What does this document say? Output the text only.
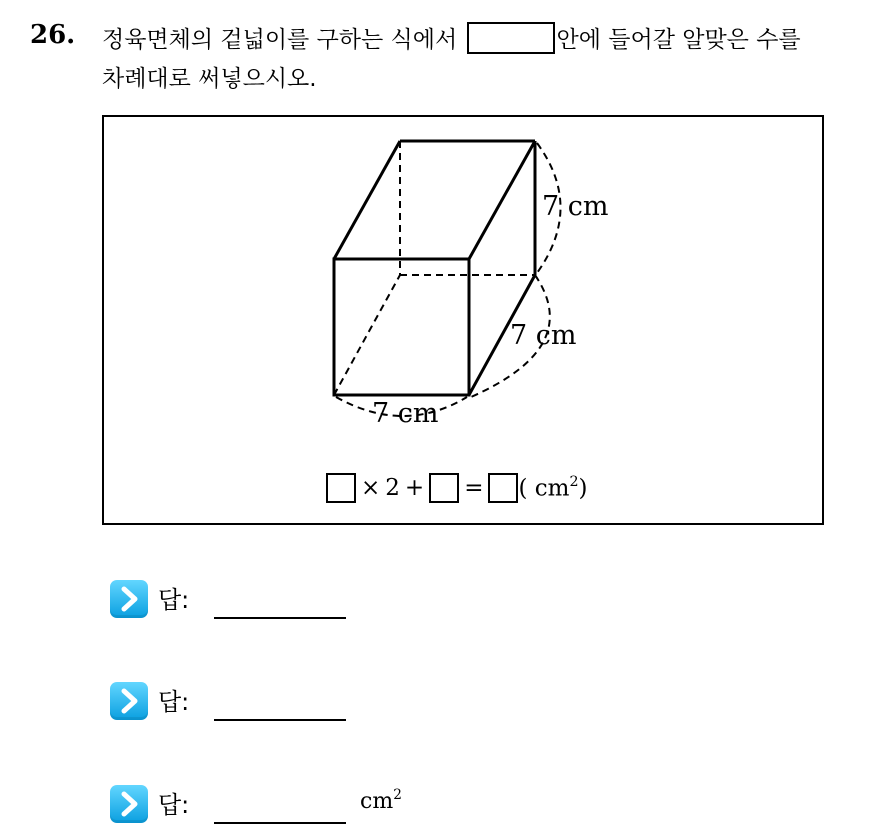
26. 정육면체의 겉넓이를 구하는 식에서	안에 들어갈 알맞은 수를
차례대로 써넣으시오.
7 cm
7 cm
7 cm
× 2 + = ( $cm^2$)
답:
답:
답:	$cm^2$
